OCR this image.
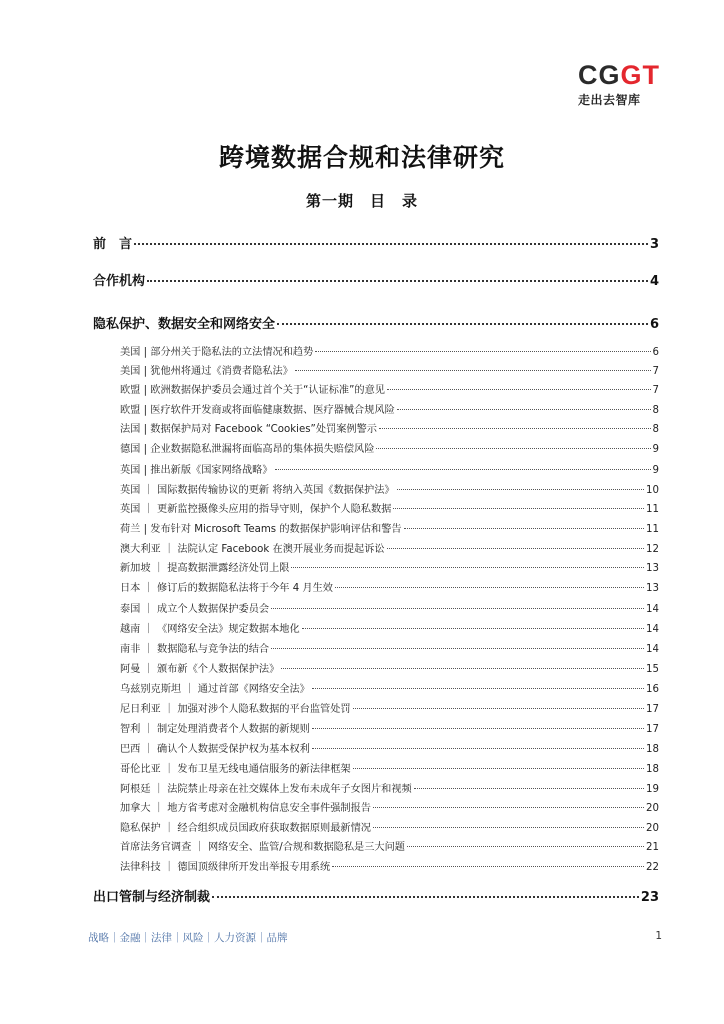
CGGT
走出去智库
跨境数据合规和法律研究
第一期　目　录
前　言	3
合作机构	4
隐私保护、数据安全和网络安全	6
美国 | 部分州关于隐私法的立法情况和趋势	6
美国 | 犹他州将通过《消费者隐私法》	7
欧盟 | 欧洲数据保护委员会通过首个关于“认证标准”的意见	7
欧盟 | 医疗软件开发商或将面临健康数据、医疗器械合规风险	8
法国 | 数据保护局对 Facebook “Cookies”处罚案例警示	8
德国 | 企业数据隐私泄漏将面临高昂的集体损失赔偿风险	9
英国 | 推出新版《国家网络战略》	9
英国 ｜ 国际数据传输协议的更新 将纳入英国《数据保护法》	10
英国 ｜ 更新监控摄像头应用的指导守则，保护个人隐私数据	11
荷兰 | 发布针对 Microsoft Teams 的数据保护影响评估和警告	11
澳大利亚 ｜ 法院认定 Facebook 在澳开展业务而提起诉讼	12
新加坡 ｜ 提高数据泄露经济处罚上限	13
日本 ｜ 修订后的数据隐私法将于今年 4 月生效	13
泰国 ｜ 成立个人数据保护委员会	14
越南 ｜ 《网络安全法》规定数据本地化	14
南非 ｜ 数据隐私与竞争法的结合	14
阿曼 ｜ 颁布新《个人数据保护法》	15
乌兹别克斯坦 ｜ 通过首部《网络安全法》	16
尼日利亚 ｜ 加强对涉个人隐私数据的平台监管处罚	17
智利 ｜ 制定处理消费者个人数据的新规则	17
巴西 ｜ 确认个人数据受保护权为基本权利	18
哥伦比亚 ｜ 发布卫星无线电通信服务的新法律框架	18
阿根廷 ｜ 法院禁止母亲在社交媒体上发布未成年子女图片和视频	19
加拿大 ｜ 地方省考虑对金融机构信息安全事件强制报告	20
隐私保护 ｜ 经合组织成员国政府获取数据原则最新情况	20
首席法务官调查 ｜ 网络安全、监管/合规和数据隐私是三大问题	21
法律科技 ｜ 德国顶级律所开发出举报专用系统	22
出口管制与经济制裁	23
战略｜金融｜法律｜风险｜人力资源｜品牌	1
